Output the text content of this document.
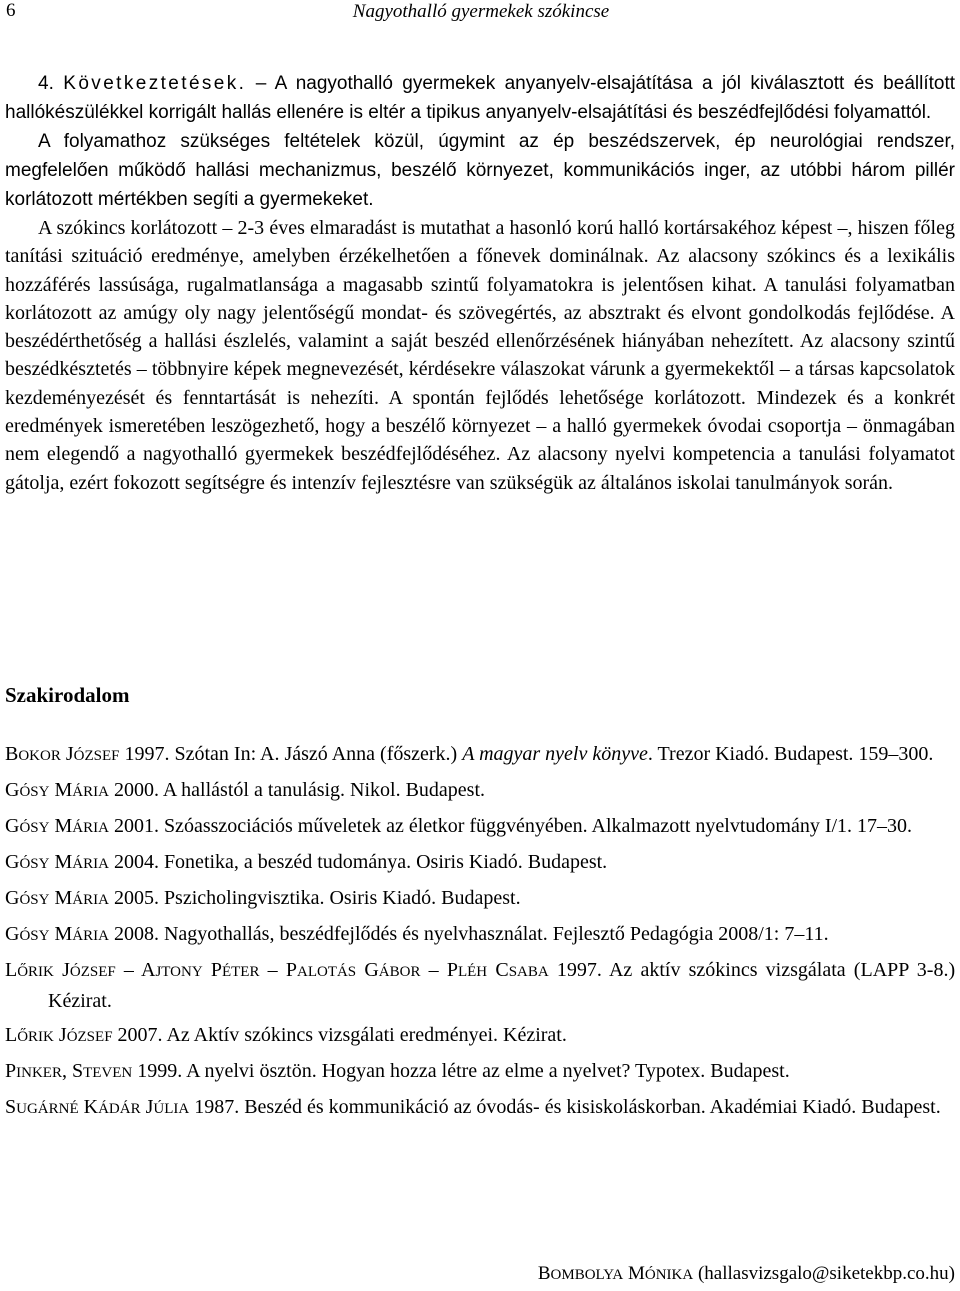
6	Nagyothalló gyermekek szókincse

4. Következtetések. – A nagyothalló gyermekek anyanyelv-elsajátítása a jól kiválasztott és beállított hallókészülékkel korrigált hallás ellenére is eltér a tipikus anyanyelv-elsajátítási és beszédfejlődési folyamattól.

A folyamathoz szükséges feltételek közül, úgymint az ép beszédszervek, ép neurológiai rendszer, megfelelően működő hallási mechanizmus, beszélő környezet, kommunikációs inger, az utóbbi három pillér korlátozott mértékben segíti a gyermekeket.

A szókincs korlátozott – 2-3 éves elmaradást is mutathat a hasonló korú halló kortársakéhoz képest –, hiszen főleg tanítási szituáció eredménye, amelyben érzékelhetően a főnevek dominálnak. Az alacsony szókincs és a lexikális hozzáférés lassúsága, rugalmatlansága a magasabb szintű folyamatokra is jelentősen kihat. A tanulási folyamatban korlátozott az amúgy oly nagy jelentőségű mondat- és szövegértés, az absztrakt és elvont gondolkodás fejlődése. A beszédérthetőség a hallási észlelés, valamint a saját beszéd ellenőrzésének hiányában nehezített. Az alacsony szintű beszédkésztetés – többnyire képek megnevezését, kérdésekre válaszokat várunk a gyermekektől – a társas kapcsolatok kezdeményezését és fenntartását is nehezíti. A spontán fejlődés lehetősége korlátozott. Mindezek és a konkrét eredmények ismeretében leszögezhető, hogy a beszélő környezet – a halló gyermekek óvodai csoportja – önmagában nem elegendő a nagyothalló gyermekek beszédfejlődéséhez. Az alacsony nyelvi kompetencia a tanulási folyamatot gátolja, ezért fokozott segítségre és intenzív fejlesztésre van szükségük az általános iskolai tanulmányok során.

Szakirodalom

BOKOR JÓZSEF 1997. Szótan In: A. Jászó Anna (főszerk.) A magyar nyelv könyve. Trezor Kiadó. Budapest. 159–300.

GÓSY MÁRIA 2000. A hallástól a tanulásig. Nikol. Budapest.

GÓSY MÁRIA 2001. Szóasszociációs műveletek az életkor függvényében. Alkalmazott nyelvtudomány I/1. 17–30.

GÓSY MÁRIA 2004. Fonetika, a beszéd tudománya. Osiris Kiadó. Budapest.

GÓSY MÁRIA 2005. Pszicholingvisztika. Osiris Kiadó. Budapest.

GÓSY MÁRIA 2008. Nagyothallás, beszédfejlődés és nyelvhasználat. Fejlesztő Pedagógia 2008/1: 7–11.

LŐRIK JÓZSEF – AJTONY PÉTER – PALOTÁS GÁBOR – PLÉH CSABA 1997. Az aktív szókincs vizsgálata (LAPP 3-8.) Kézirat.

LŐRIK JÓZSEF 2007. Az Aktív szókincs vizsgálati eredményei. Kézirat.

PINKER, STEVEN 1999. A nyelvi ösztön. Hogyan hozza létre az elme a nyelvet? Typotex. Budapest.

SUGÁRNÉ KÁDÁR JÚLIA 1987. Beszéd és kommunikáció az óvodás- és kisiskoláskorban. Akadémiai Kiadó. Budapest.

BOMBOLYA MÓNIKA (hallasvizsgalo@siketekbp.co.hu)
